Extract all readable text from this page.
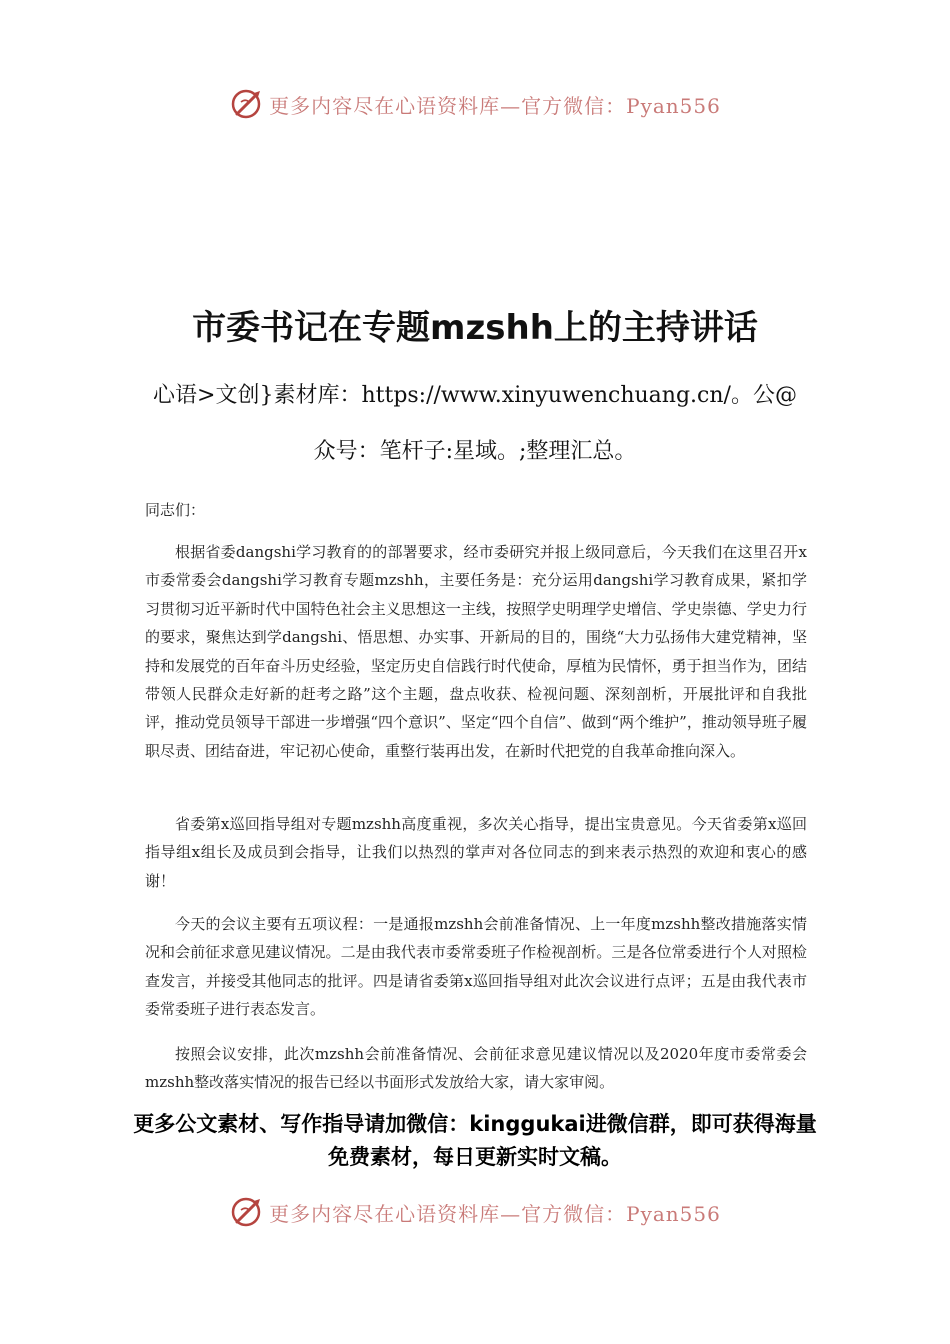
更多内容尽在心语资料库—官方微信：Pyan556
市委书记在专题mzshh上的主持讲话
心语>文创}素材库：https://www.xinyuwenchuang.cn/。公@
众号：笔杆子:星域。;整理汇总。
同志们：

根据省委dangshi学习教育的的部署要求，经市委研究并报上级同意后，今天我们在这里召开x市委常委会dangshi学习教育专题mzshh，主要任务是：充分运用dangshi学习教育成果，紧扣学习贯彻习近平新时代中国特色社会主义思想这一主线，按照学史明理学史增信、学史崇德、学史力行的要求，聚焦达到学dangshi、悟思想、办实事、开新局的目的，围绕“大力弘扬伟大建党精神，坚持和发展党的百年奋斗历史经验，坚定历史自信践行时代使命，厚植为民情怀，勇于担当作为，团结带领人民群众走好新的赶考之路”这个主题，盘点收获、检视问题、深刻剖析，开展批评和自我批评，推动党员领导干部进一步增强“四个意识”、坚定“四个自信”、做到“两个维护”，推动领导班子履职尽责、团结奋进，牢记初心使命，重整行装再出发，在新时代把党的自我革命推向深入。

省委第x巡回指导组对专题mzshh高度重视，多次关心指导，提出宝贵意见。今天省委第x巡回指导组x组长及成员到会指导，让我们以热烈的掌声对各位同志的到来表示热烈的欢迎和衷心的感谢！

今天的会议主要有五项议程：一是通报mzshh会前准备情况、上一年度mzshh整改措施落实情况和会前征求意见建议情况。二是由我代表市委常委班子作检视剖析。三是各位常委进行个人对照检查发言，并接受其他同志的批评。四是请省委第x巡回指导组对此次会议进行点评；五是由我代表市委常委班子进行表态发言。

按照会议安排，此次mzshh会前准备情况、会前征求意见建议情况以及2020年度市委常委会mzshh整改落实情况的报告已经以书面形式发放给大家，请大家审阅。

更多公文素材、写作指导请加微信：kinggukai进微信群，即可获得海量免费素材，每日更新实时文稿。
更多内容尽在心语资料库—官方微信：Pyan556
